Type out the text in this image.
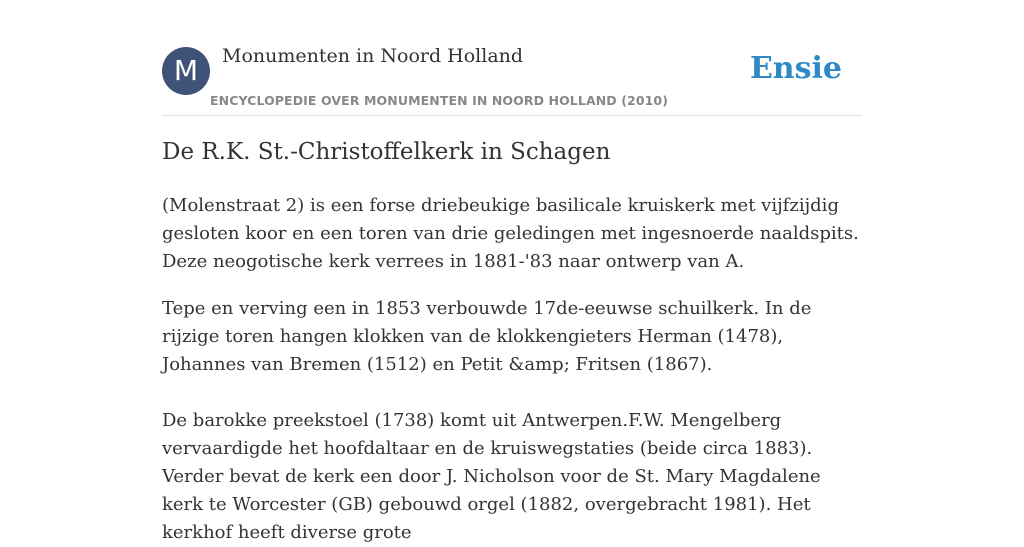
M	Monumenten in Noord Holland
ENCYCLOPEDIE OVER MONUMENTEN IN NOORD HOLLAND (2010)
Ensie
De R.K. St.-Christoffelkerk in Schagen

(Molenstraat 2) is een forse driebeukige basilicale kruiskerk met vijfzijdig gesloten koor en een toren van drie geledingen met ingesnoerde naaldspits. Deze neogotische kerk verrees in 1881-'83 naar ontwerp van A.

Tepe en verving een in 1853 verbouwde 17de-eeuwse schuilkerk. In de rijzige toren hangen klokken van de klokkengieters Herman (1478), Johannes van Bremen (1512) en Petit &amp; Fritsen (1867).

De barokke preekstoel (1738) komt uit Antwerpen.F.W. Mengelberg vervaardigde het hoofdaltaar en de kruiswegstaties (beide circa 1883). Verder bevat de kerk een door J. Nicholson voor de St. Mary Magdalene kerk te Worcester (GB) gebouwd orgel (1882, overgebracht 1981). Het kerkhof heeft diverse grote
